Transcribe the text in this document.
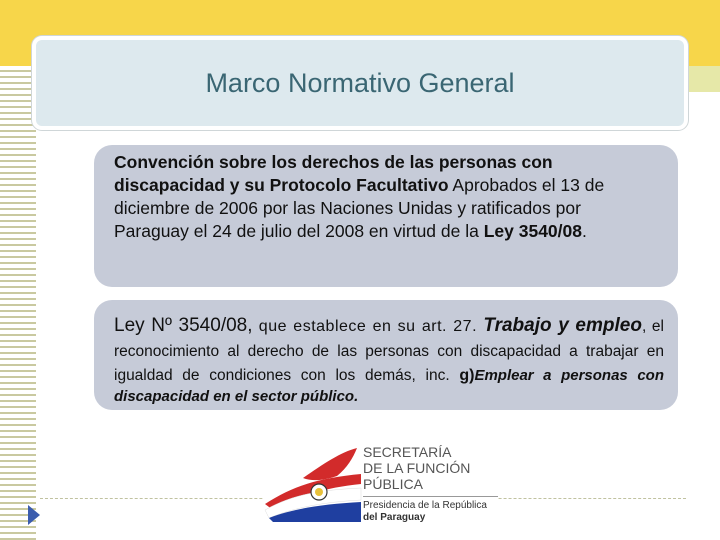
Marco Normativo General
Convención sobre los derechos de las personas con discapacidad y su Protocolo Facultativo Aprobados el 13 de diciembre de 2006 por las Naciones Unidas y ratificados por Paraguay el 24 de julio del 2008 en virtud de la Ley 3540/08.
Ley Nº 3540/08, que establece en su art. 27. Trabajo y empleo, el reconocimiento al derecho de las personas con discapacidad a trabajar en igualdad de condiciones con los demás, inc. g)Emplear a personas con discapacidad en el sector público.
SECRETARÍA
DE LA FUNCIÓN
PÚBLICA
Presidencia de la República
del Paraguay
